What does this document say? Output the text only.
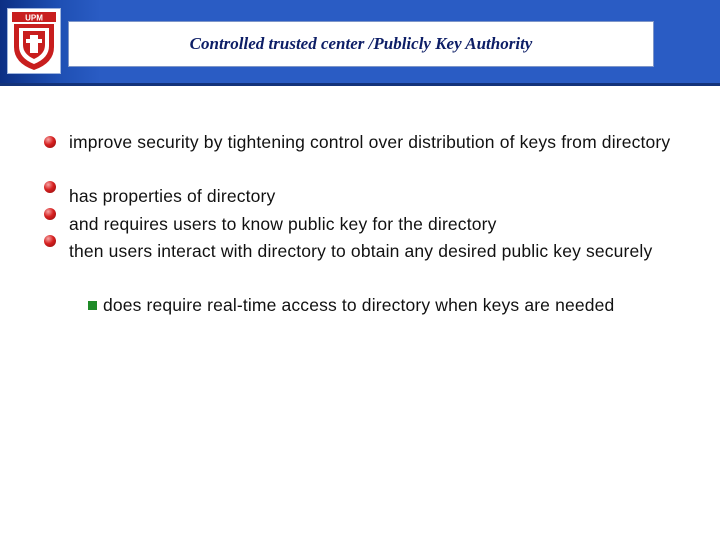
UPM
Controlled trusted center /Publicly Key Authority
improve security by tightening control over distribution of keys from directory
has properties of directory
and requires users to know public key for the directory
then users interact with directory to obtain any desired public key securely
does require real-time access to directory when keys are needed
